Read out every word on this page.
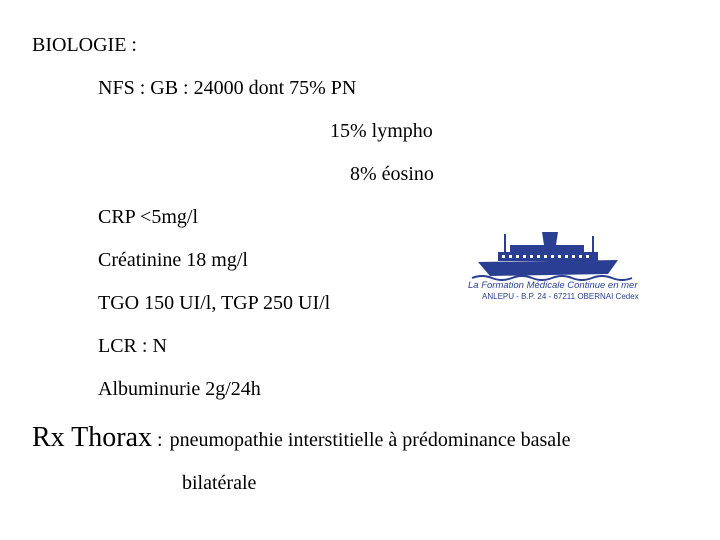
BIOLOGIE :
NFS : GB : 24000 dont 75% PN
15% lympho
8% éosino
CRP <5mg/l
Créatinine 18 mg/l
TGO 150 UI/l, TGP 250 UI/l
LCR : N
Albuminurie 2g/24h
Rx Thorax : pneumopathie interstitielle à prédominance basale
bilatérale
La Formation Médicale Continue en mer
ANLEPU - B.P. 24 - 67211 OBERNAI Cedex
